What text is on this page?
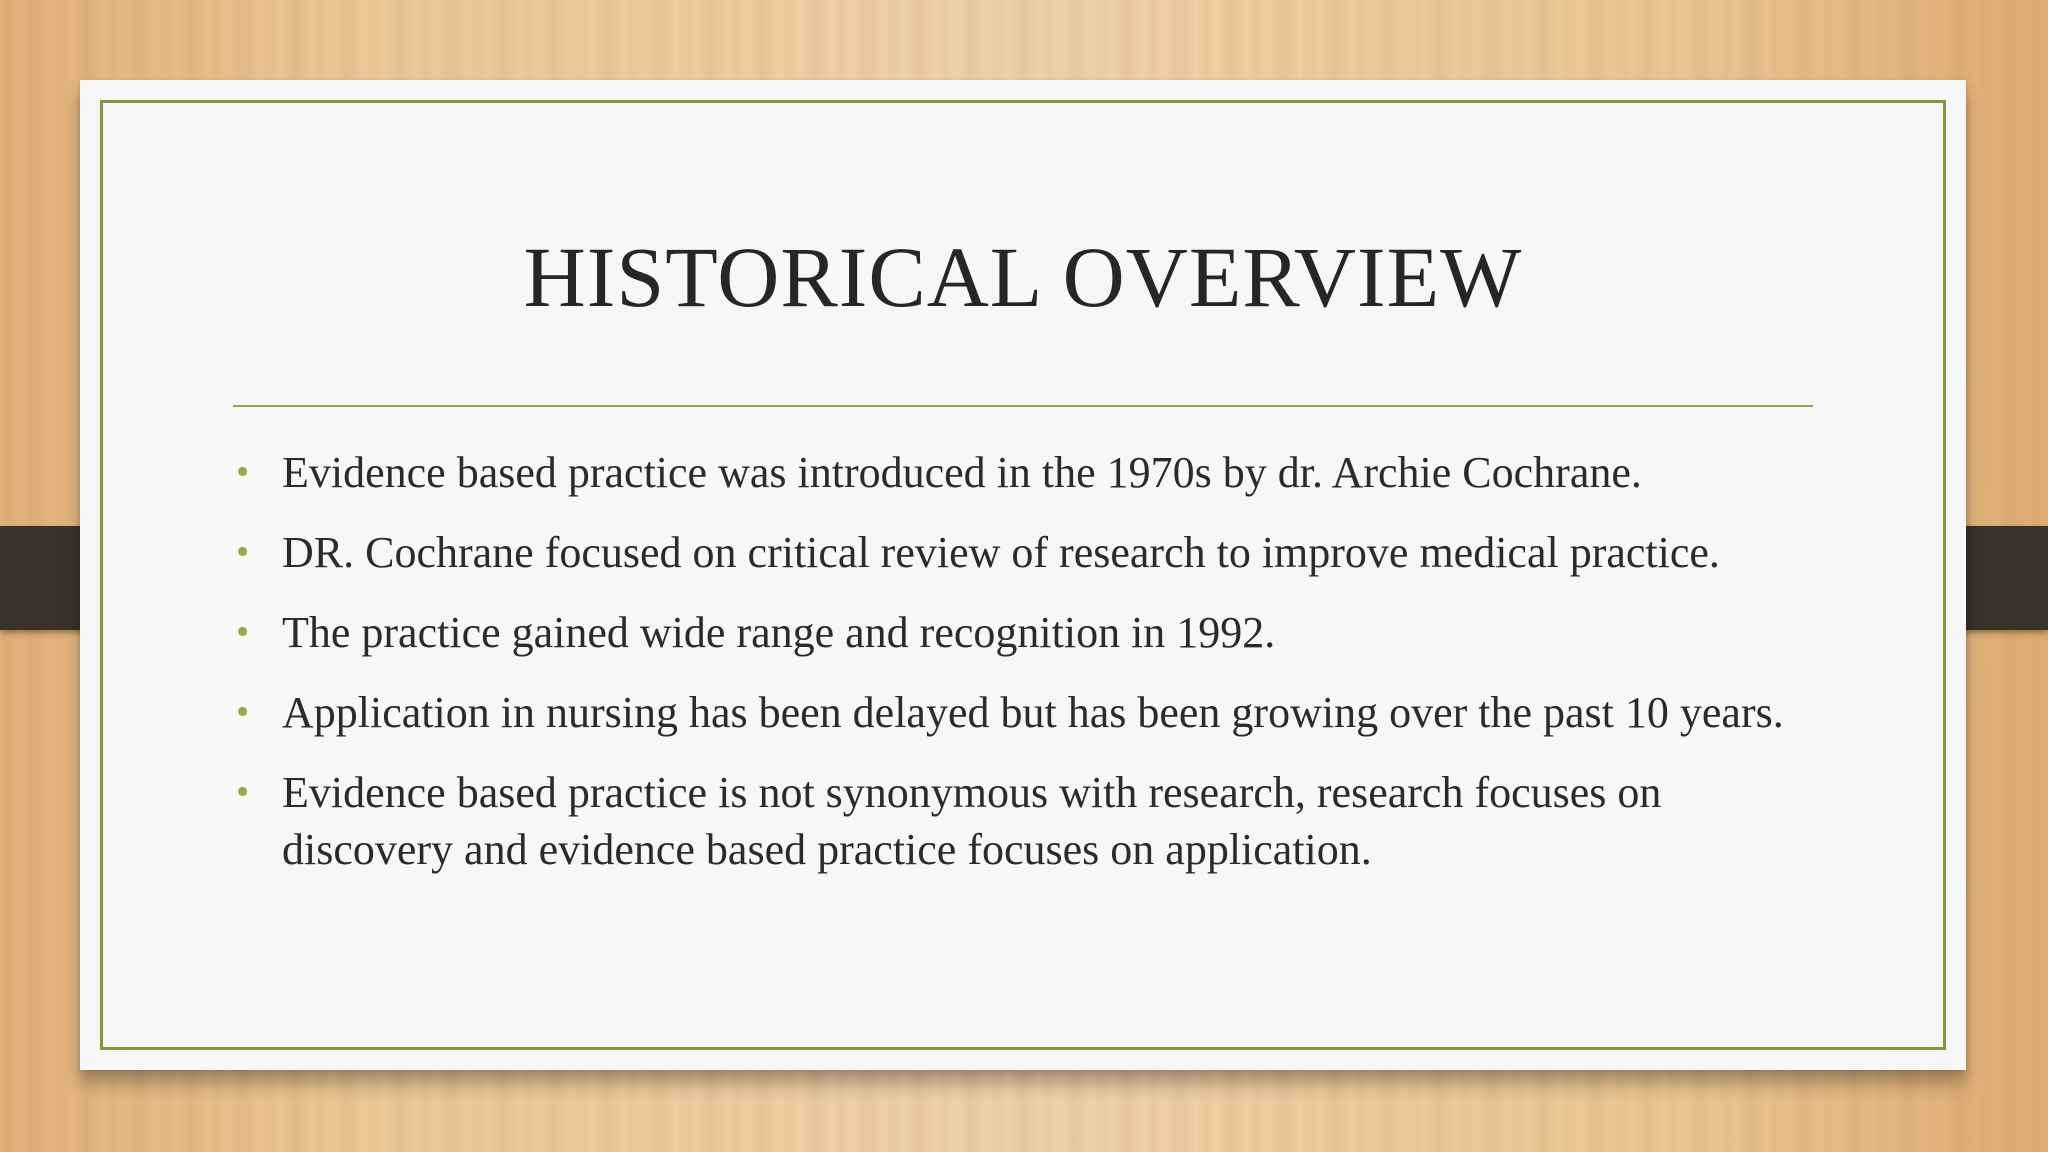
HISTORICAL OVERVIEW
• Evidence based practice was introduced in the 1970s by dr. Archie Cochrane.
• DR. Cochrane focused on critical review of research to improve medical practice.
• The practice gained wide range and recognition in 1992.
• Application in nursing has been delayed but has been growing over the past 10 years.
• Evidence based practice is not synonymous with research, research focuses on discovery and evidence based practice focuses on application.
